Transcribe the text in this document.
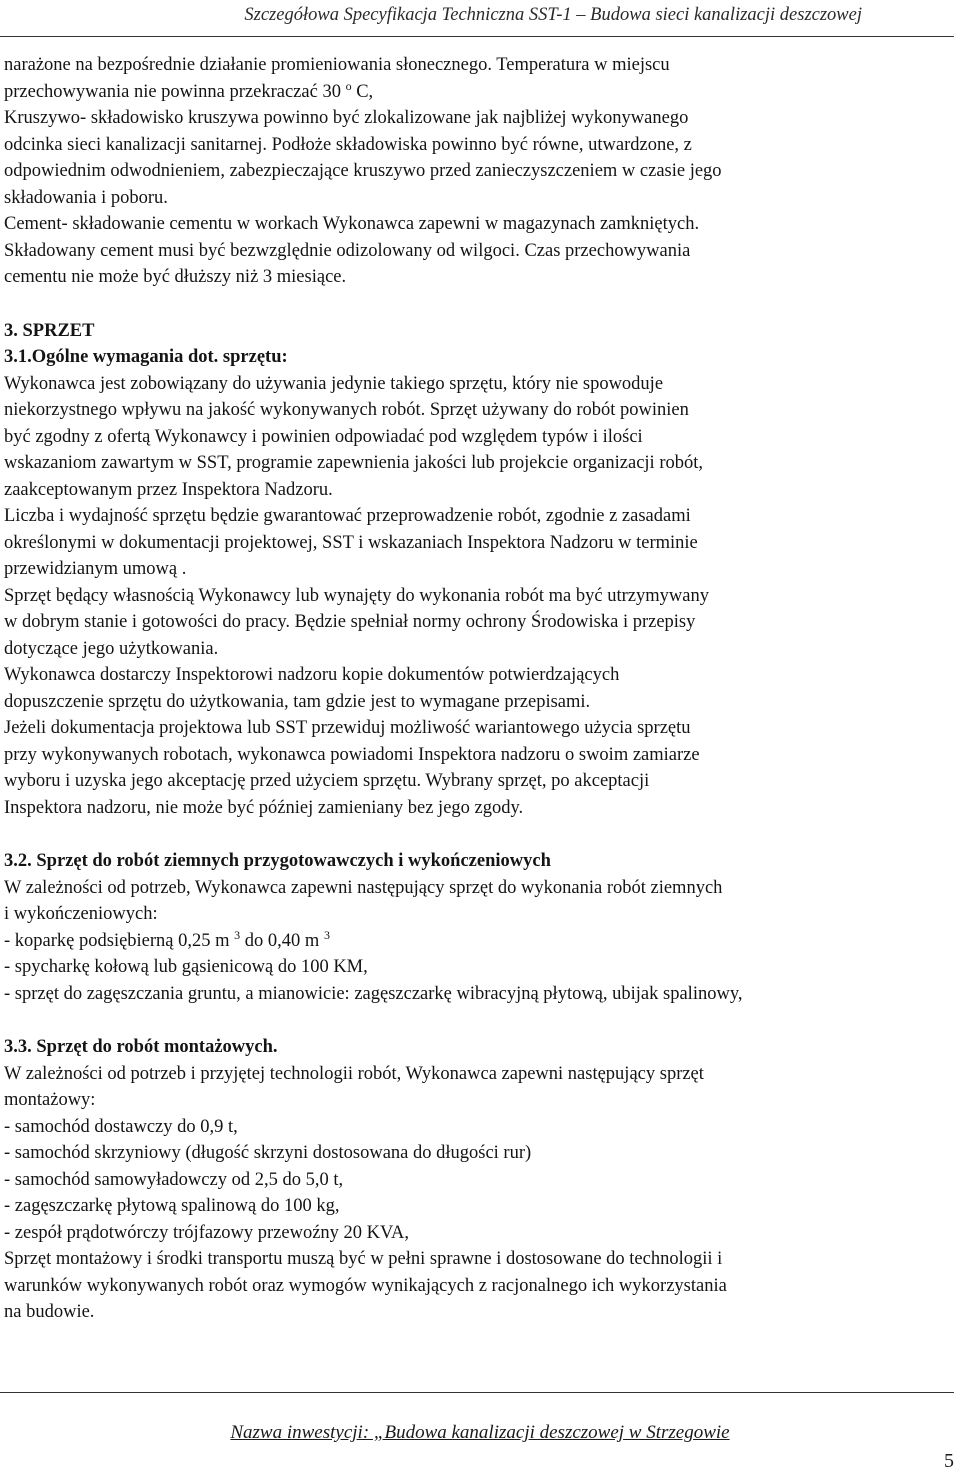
Szczegółowa Specyfikacja Techniczna SST-1 – Budowa sieci kanalizacji deszczowej

narażone na bezpośrednie działanie promieniowania słonecznego. Temperatura w miejscu

przechowywania nie powinna przekraczać 30 $^o$ C,

Kruszywo- składowisko kruszywa powinno być zlokalizowane jak najbliżej wykonywanego

odcinka sieci kanalizacji sanitarnej. Podłoże składowiska powinno być równe, utwardzone, z

odpowiednim odwodnieniem, zabezpieczające kruszywo przed zanieczyszczeniem w czasie jego

składowania i poboru.

Cement- składowanie cementu w workach Wykonawca zapewni w magazynach zamkniętych.

Składowany cement musi być bezwzględnie odizolowany od wilgoci. Czas przechowywania

cementu nie może być dłuższy niż 3 miesiące.

3. SPRZET

3.1.Ogólne wymagania dot. sprzętu:

Wykonawca jest zobowiązany do używania jedynie takiego sprzętu, który nie spowoduje

niekorzystnego wpływu na jakość wykonywanych robót. Sprzęt używany do robót powinien

być zgodny z ofertą Wykonawcy i powinien odpowiadać pod względem typów i ilości

wskazaniom zawartym w SST, programie zapewnienia jakości lub projekcie organizacji robót,

zaakceptowanym przez Inspektora Nadzoru.

Liczba i wydajność sprzętu będzie gwarantować przeprowadzenie robót, zgodnie z zasadami

określonymi w dokumentacji projektowej, SST i wskazaniach Inspektora Nadzoru w terminie

przewidzianym umową .

Sprzęt będący własnością Wykonawcy lub wynajęty do wykonania robót ma być utrzymywany

w dobrym stanie i gotowości do pracy. Będzie spełniał normy ochrony Środowiska i przepisy

dotyczące jego użytkowania.

Wykonawca dostarczy Inspektorowi nadzoru kopie dokumentów potwierdzających

dopuszczenie sprzętu do użytkowania, tam gdzie jest to wymagane przepisami.

Jeżeli dokumentacja projektowa lub SST przewiduj możliwość wariantowego użycia sprzętu

przy wykonywanych robotach, wykonawca powiadomi Inspektora nadzoru o swoim zamiarze

wyboru i uzyska jego akceptację przed użyciem sprzętu. Wybrany sprzęt, po akceptacji

Inspektora nadzoru, nie może być później zamieniany bez jego zgody.

3.2. Sprzęt do robót ziemnych przygotowawczych i wykończeniowych

W zależności od potrzeb, Wykonawca zapewni następujący sprzęt do wykonania robót ziemnych

i wykończeniowych:

- koparkę podsiębierną 0,25 m $^3$ do 0,40 m $^3$

- spycharkę kołową lub gąsienicową do 100 KM,

- sprzęt do zagęszczania gruntu, a mianowicie: zagęszczarkę wibracyjną płytową, ubijak spalinowy,

3.3. Sprzęt do robót montażowych.

W zależności od potrzeb i przyjętej technologii robót, Wykonawca zapewni następujący sprzęt

montażowy:

- samochód dostawczy do 0,9 t,

- samochód skrzyniowy (długość skrzyni dostosowana do długości rur)

- samochód samowyładowczy od 2,5 do 5,0 t,

- zagęszczarkę płytową spalinową do 100 kg,

- zespół prądotwórczy trójfazowy przewoźny 20 KVA,

Sprzęt montażowy i środki transportu muszą być w pełni sprawne i dostosowane do technologii i

warunków wykonywanych robót oraz wymogów wynikających z racjonalnego ich wykorzystania

na budowie.

Nazwa inwestycji: „Budowa kanalizacji deszczowej w Strzegowie
5
